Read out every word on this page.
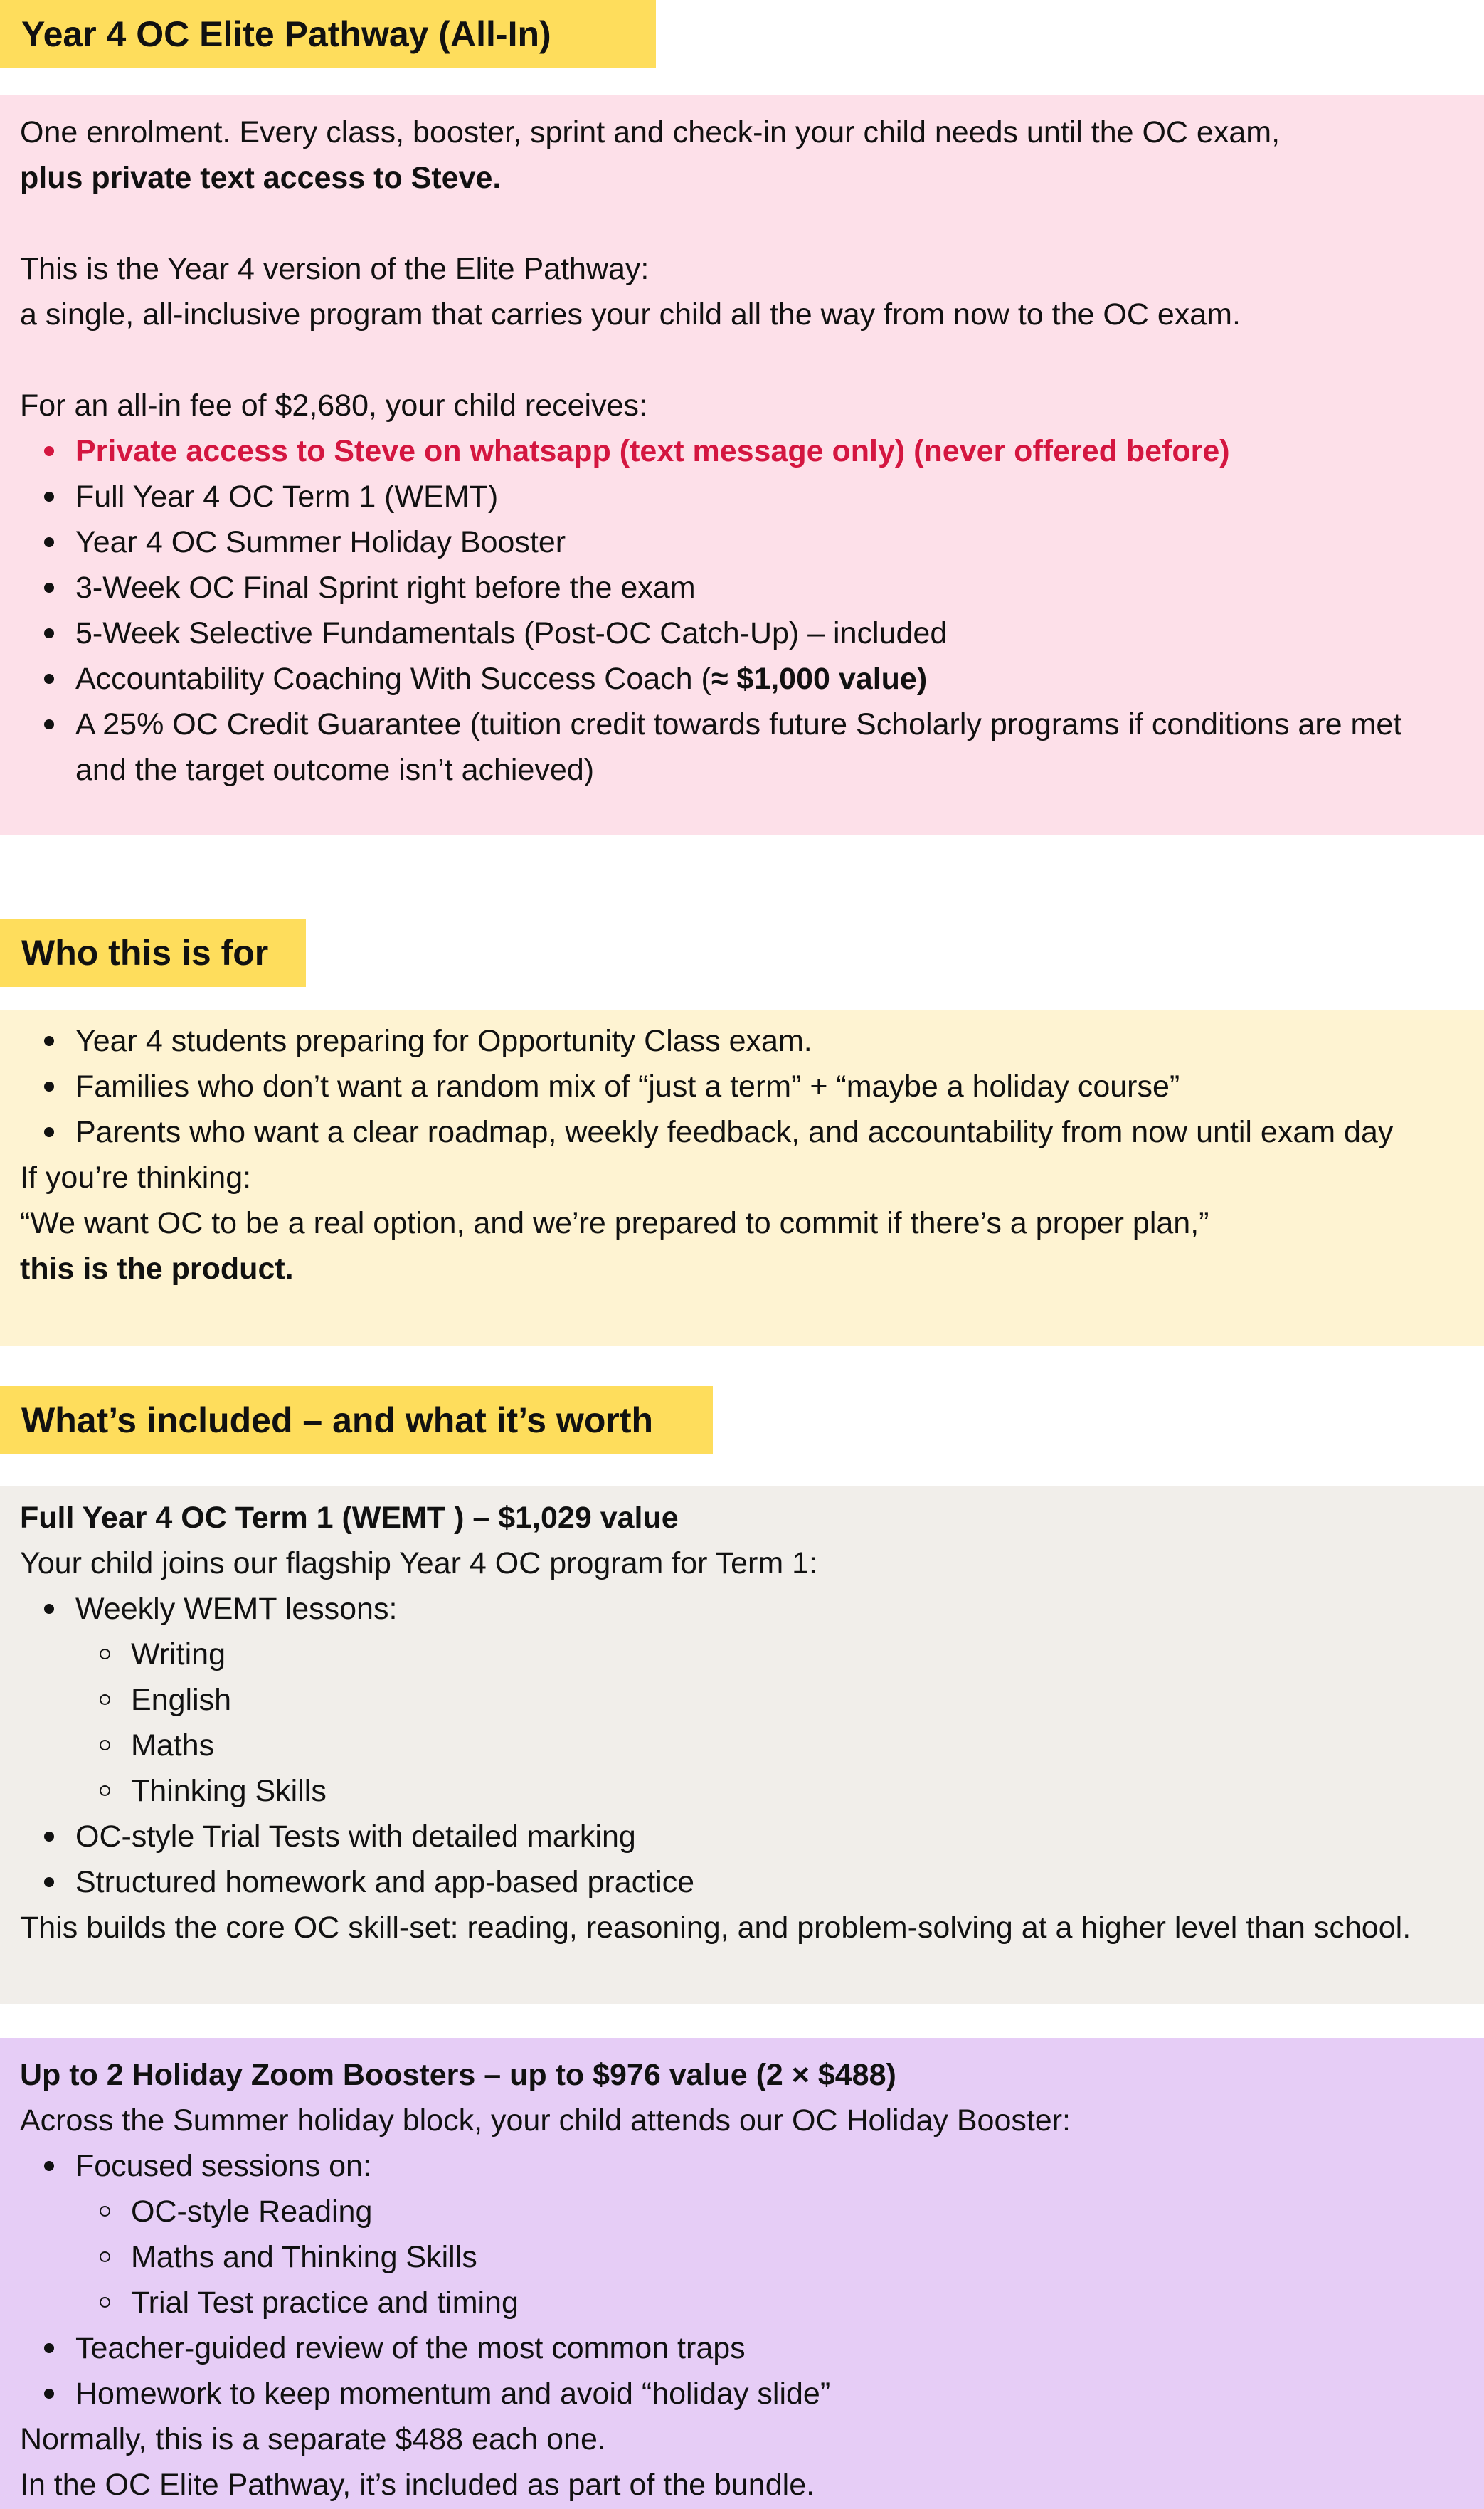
Year 4 OC Elite Pathway (All-In)

One enrolment. Every class, booster, sprint and check-in your child needs until the OC exam,

plus private text access to Steve.

This is the Year 4 version of the Elite Pathway:

a single, all-inclusive program that carries your child all the way from now to the OC exam.

For an all-in fee of $2,680, your child receives:

Private access to Steve on whatsapp (text message only) (never offered before)
Full Year 4 OC Term 1 (WEMT)
Year 4 OC Summer Holiday Booster
3-Week OC Final Sprint right before the exam
5-Week Selective Fundamentals (Post-OC Catch-Up) – included
Accountability Coaching With Success Coach (≈ $1,000 value)
A 25% OC Credit Guarantee (tuition credit towards future Scholarly programs if conditions are met and the target outcome isn’t achieved)
Who this is for
Year 4 students preparing for Opportunity Class exam.
Families who don’t want a random mix of “just a term” + “maybe a holiday course”
Parents who want a clear roadmap, weekly feedback, and accountability from now until exam day

If you’re thinking:

“We want OC to be a real option, and we’re prepared to commit if there’s a proper plan,”

this is the product.

What’s included – and what it’s worth

Full Year 4 OC Term 1 (WEMT ) – $1,029 value

Your child joins our flagship Year 4 OC program for Term 1:

Weekly WEMT lessons:
Writing
English
Maths
Thinking Skills
OC-style Trial Tests with detailed marking
Structured homework and app-based practice

This builds the core OC skill-set: reading, reasoning, and problem-solving at a higher level than school.

Up to 2 Holiday Zoom Boosters – up to $976 value (2 × $488)

Across the Summer holiday block, your child attends our OC Holiday Booster:

Focused sessions on:
OC-style Reading
Maths and Thinking Skills
Trial Test practice and timing
Teacher-guided review of the most common traps
Homework to keep momentum and avoid “holiday slide”

Normally, this is a separate $488 each one.

In the OC Elite Pathway, it’s included as part of the bundle.
